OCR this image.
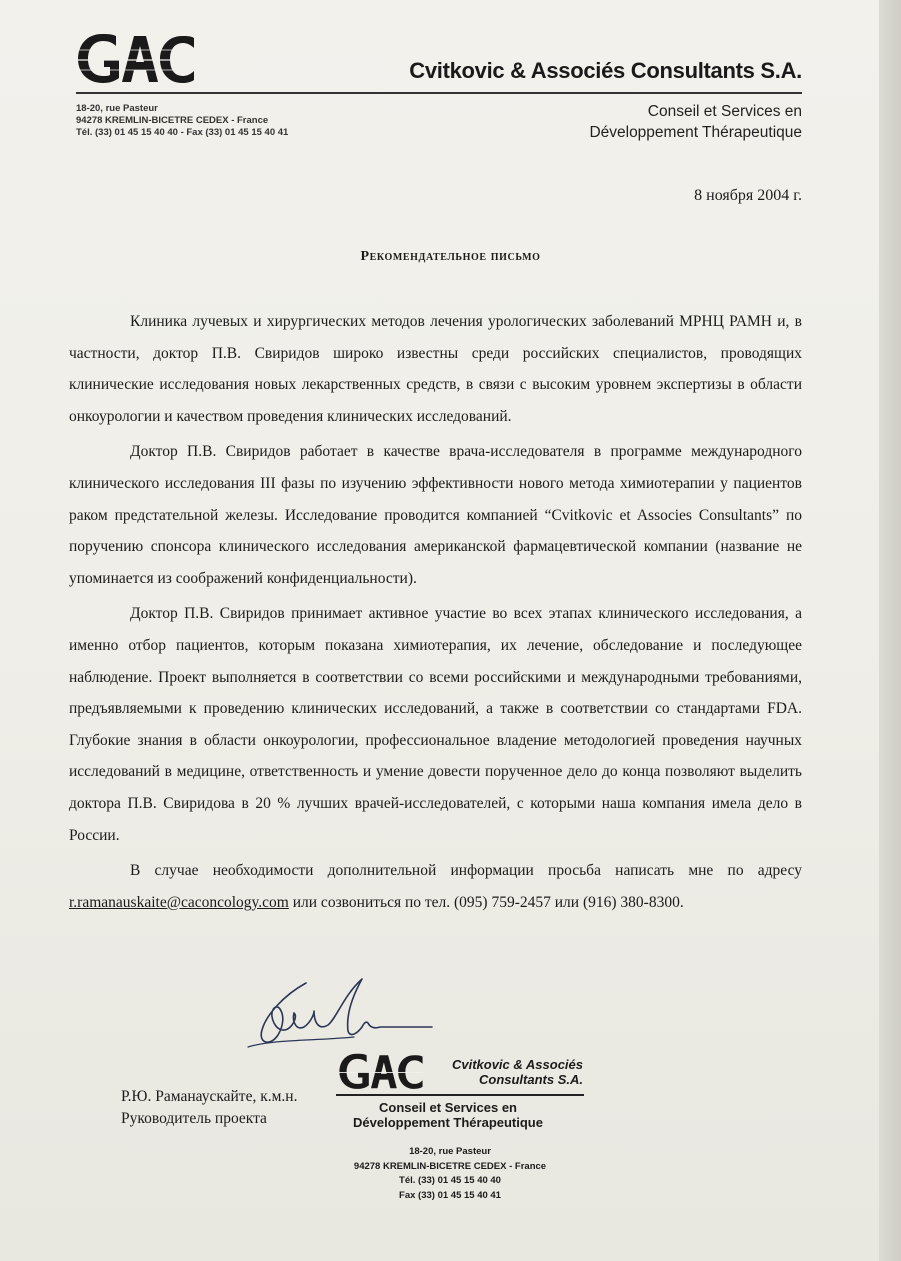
Cvitkovic & Associés Consultants S.A.
18-20, rue Pasteur
94278 KREMLIN-BICETRE CEDEX - France
Tél. (33) 01 45 15 40 40 - Fax (33) 01 45 15 40 41
Conseil et Services en
Développement Thérapeutique
8 ноября 2004 г.
Рекомендательное письмо

Клиника лучевых и хирургических методов лечения урологических заболеваний МРНЦ РАМН и, в частности, доктор П.В. Свиридов широко известны среди российских специалистов, проводящих клинические исследования новых лекарственных средств, в связи с высоким уровнем экспертизы в области онкоурологии и качеством проведения клинических исследований.

Доктор П.В. Свиридов работает в качестве врача-исследователя в программе международного клинического исследования III фазы по изучению эффективности нового метода химиотерапии у пациентов раком предстательной железы. Исследование проводится компанией “Cvitkovic et Associes Consultants” по поручению спонсора клинического исследования американской фармацевтической компании (название не упоминается из соображений конфиденциальности).

Доктор П.В. Свиридов принимает активное участие во всех этапах клинического исследования, а именно отбор пациентов, которым показана химиотерапия, их лечение, обследование и последующее наблюдение. Проект выполняется в соответствии со всеми российскими и международными требованиями, предъявляемыми к проведению клинических исследований, а также в соответствии со стандартами FDA. Глубокие знания в области онкоурологии, профессиональное владение методологией проведения научных исследований в медицине, ответственность и умение довести порученное дело до конца позволяют выделить доктора П.В. Свиридова в 20 % лучших врачей-исследователей, с которыми наша компания имела дело в России.

В случае необходимости дополнительной информации просьба написать мне по адресу r.ramanauskaite@caconcology.com или созвониться по тел. (095) 759-2457 или (916) 380-8300.

Cvitkovic & Associés
Consultants S.A.
Р.Ю. Раманаускайте, к.м.н.
Руководитель проекта
Conseil et Services en
Développement Thérapeutique
18-20, rue Pasteur
94278 KREMLIN-BICETRE CEDEX - France
Tél. (33) 01 45 15 40 40
Fax (33) 01 45 15 40 41
